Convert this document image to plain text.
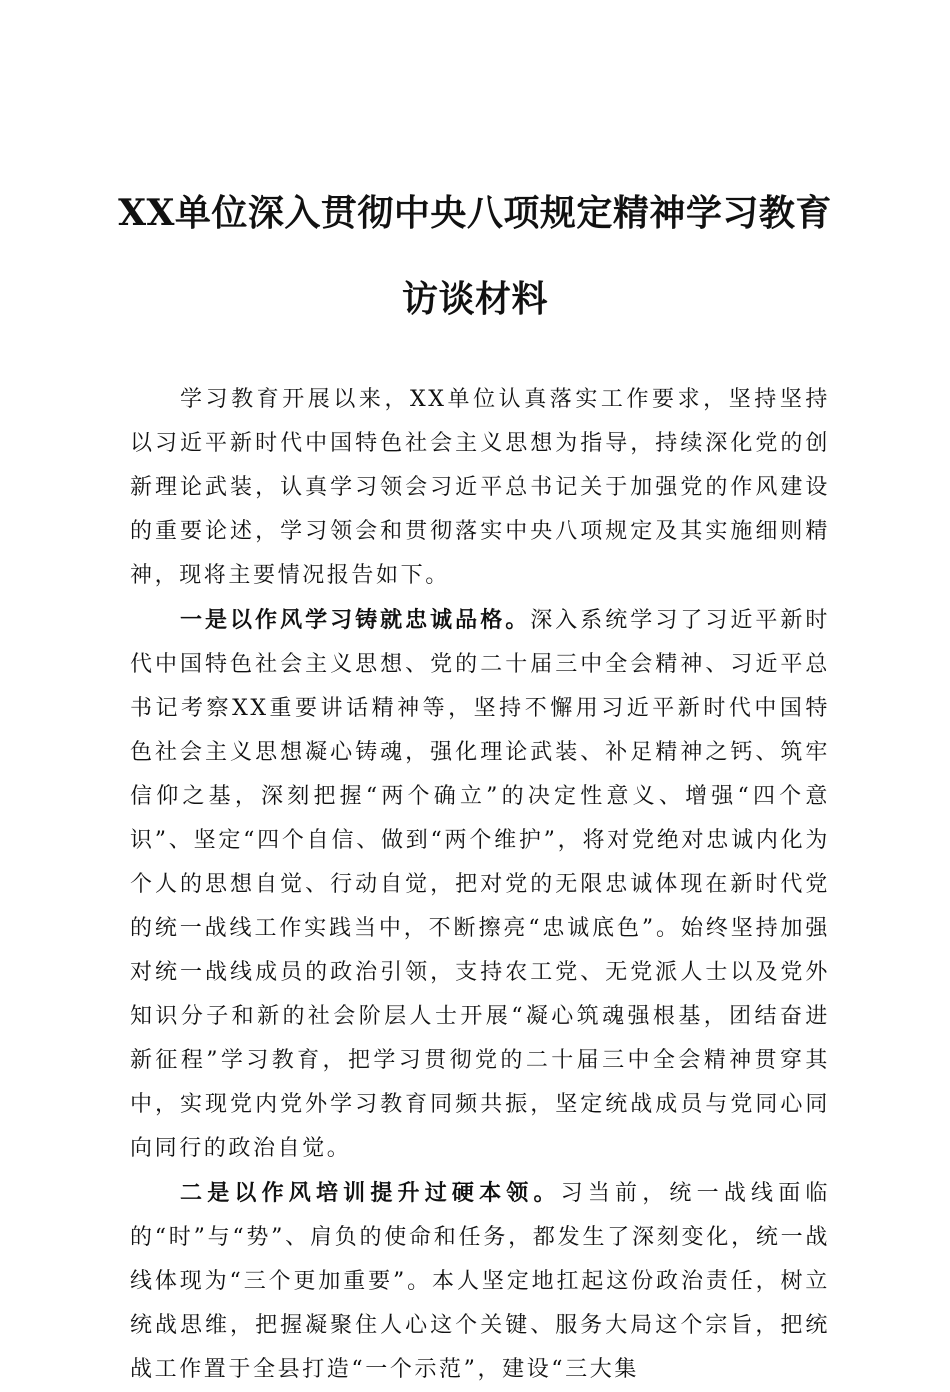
XX单位深入贯彻中央八项规定精神学习教育
访谈材料

学习教育开展以来，XX单位认真落实工作要求，坚持坚持以习近平新时代中国特色社会主义思想为指导，持续深化党的创新理论武装，认真学习领会习近平总书记关于加强党的作风建设的重要论述，学习领会和贯彻落实中央八项规定及其实施细则精神，现将主要情况报告如下。

一是以作风学习铸就忠诚品格。深入系统学习了习近平新时代中国特色社会主义思想、党的二十届三中全会精神、习近平总书记考察XX重要讲话精神等，坚持不懈用习近平新时代中国特色社会主义思想凝心铸魂，强化理论武装、补足精神之钙、筑牢信仰之基，深刻把握“两个确立”的决定性意义、增强“四个意识”、坚定“四个自信、做到“两个维护”，将对党绝对忠诚内化为个人的思想自觉、行动自觉，把对党的无限忠诚体现在新时代党的统一战线工作实践当中，不断擦亮“忠诚底色”。始终坚持加强对统一战线成员的政治引领，支持农工党、无党派人士以及党外知识分子和新的社会阶层人士开展“凝心筑魂强根基，团结奋进新征程”学习教育，把学习贯彻党的二十届三中全会精神贯穿其中，实现党内党外学习教育同频共振，坚定统战成员与党同心同向同行的政治自觉。

二是以作风培训提升过硬本领。习当前，统一战线面临的“时”与“势”、肩负的使命和任务，都发生了深刻变化，统一战线体现为“三个更加重要”。本人坚定地扛起这份政治责任，树立统战思维，把握凝聚住人心这个关键、服务大局这个宗旨，把统战工作置于全县打造“一个示范”，建设“三大集
